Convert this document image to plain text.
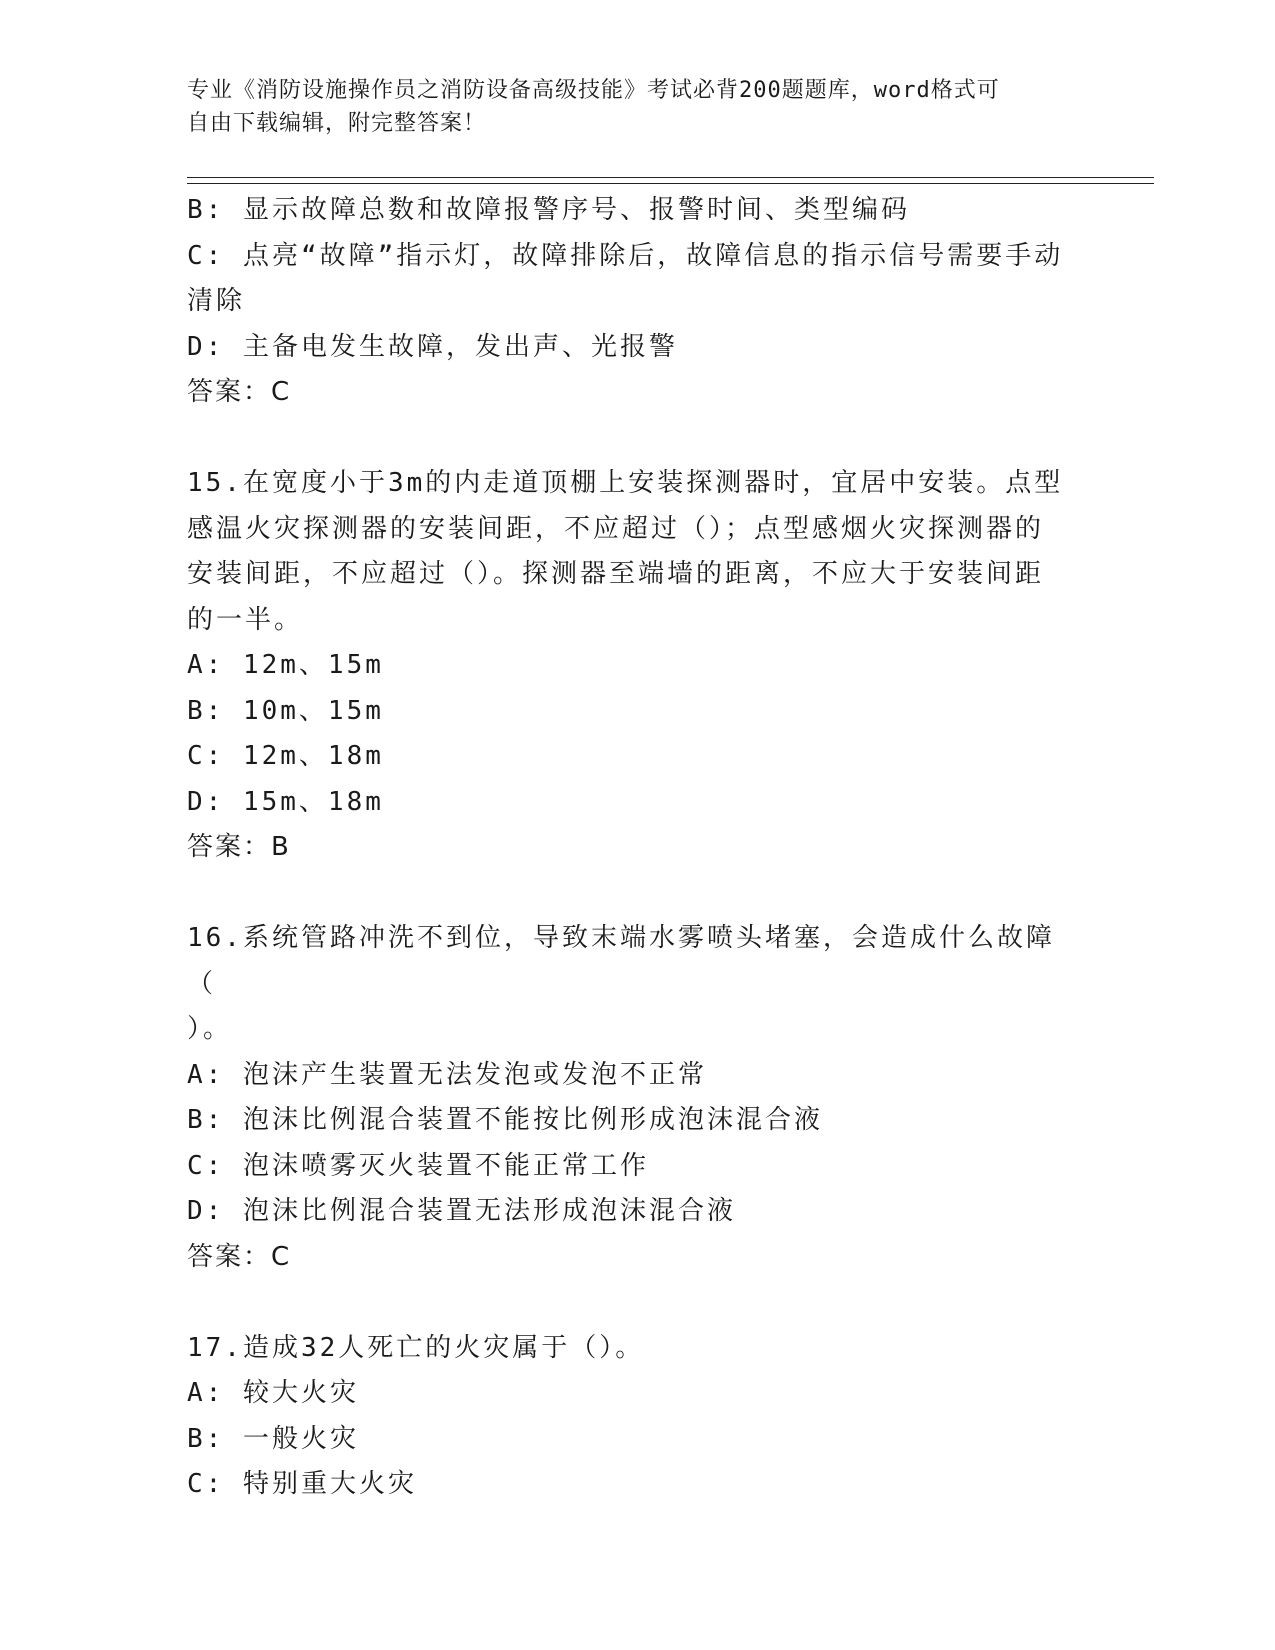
专业《消防设施操作员之消防设备高级技能》考试必背200题题库，word格式可
自由下载编辑，附完整答案！
B: 显示故障总数和故障报警序号、报警时间、类型编码
C: 点亮“故障”指示灯，故障排除后，故障信息的指示信号需要手动
清除
D: 主备电发生故障，发出声、光报警
答案：C
15.在宽度小于3m的内走道顶棚上安装探测器时，宜居中安装。点型
感温火灾探测器的安装间距，不应超过（）；点型感烟火灾探测器的
安装间距，不应超过（）。探测器至端墙的距离，不应大于安装间距
的一半。
A: 12m、15m
B: 10m、15m
C: 12m、18m
D: 15m、18m
答案：B
16.系统管路冲洗不到位，导致末端水雾喷头堵塞，会造成什么故障（
）。
A: 泡沫产生装置无法发泡或发泡不正常
B: 泡沫比例混合装置不能按比例形成泡沫混合液
C: 泡沫喷雾灭火装置不能正常工作
D: 泡沫比例混合装置无法形成泡沫混合液
答案：C
17.造成32人死亡的火灾属于（）。
A: 较大火灾
B: 一般火灾
C: 特别重大火灾
